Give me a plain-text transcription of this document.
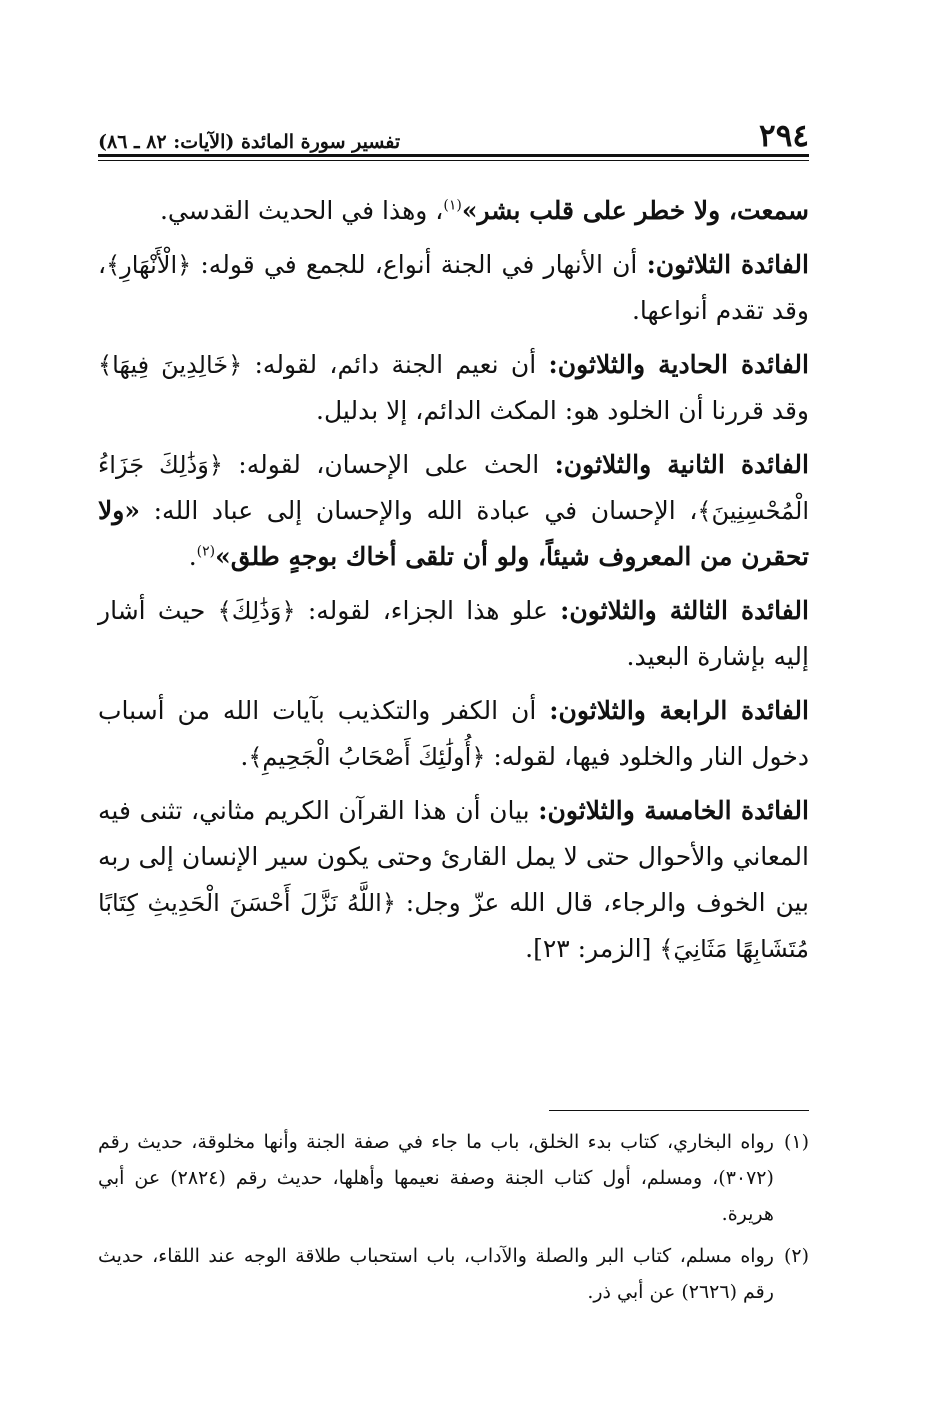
٢٩٤
تفسير سورة المائدة (الآيات: ٨٢ ـ ٨٦)

سمعت، ولا خطر على قلب بشر»$^{(١)}$، وهذا في الحديث القدسي.

الفائدة الثلاثون: أن الأنهار في الجنة أنواع، للجمع في قوله: ﴿الْأَنْهَارِ﴾، وقد تقدم أنواعها.

الفائدة الحادية والثلاثون: أن نعيم الجنة دائم، لقوله: ﴿خَالِدِينَ فِيهَا﴾ وقد قررنا أن الخلود هو: المكث الدائم، إلا بدليل.

الفائدة الثانية والثلاثون: الحث على الإحسان، لقوله: ﴿وَذَٰلِكَ جَزَاءُ الْمُحْسِنِينَ﴾، الإحسان في عبادة الله والإحسان إلى عباد الله: «ولا تحقرن من المعروف شيئاً، ولو أن تلقى أخاك بوجهٍ طلق»$^{(٢)}$.

الفائدة الثالثة والثلاثون: علو هذا الجزاء، لقوله: ﴿وَذَٰلِكَ﴾ حيث أشار إليه بإشارة البعيد.

الفائدة الرابعة والثلاثون: أن الكفر والتكذيب بآيات الله من أسباب دخول النار والخلود فيها، لقوله: ﴿أُولَٰئِكَ أَصْحَابُ الْجَحِيمِ﴾.

الفائدة الخامسة والثلاثون: بيان أن هذا القرآن الكريم مثاني، تثنى فيه المعاني والأحوال حتى لا يمل القارئ وحتى يكون سير الإنسان إلى ربه بين الخوف والرجاء، قال الله عزّ وجل: ﴿اللَّهُ نَزَّلَ أَحْسَنَ الْحَدِيثِ كِتَابًا مُتَشَابِهًا مَثَانِيَ﴾ [الزمر: ٢٣].

(١)
رواه البخاري، كتاب بدء الخلق، باب ما جاء في صفة الجنة وأنها مخلوقة، حديث رقم (٣٠٧٢)، ومسلم، أول كتاب الجنة وصفة نعيمها وأهلها، حديث رقم (٢٨٢٤) عن أبي هريرة.
(٢)
رواه مسلم، كتاب البر والصلة والآداب، باب استحباب طلاقة الوجه عند اللقاء، حديث رقم (٢٦٢٦) عن أبي ذر.
